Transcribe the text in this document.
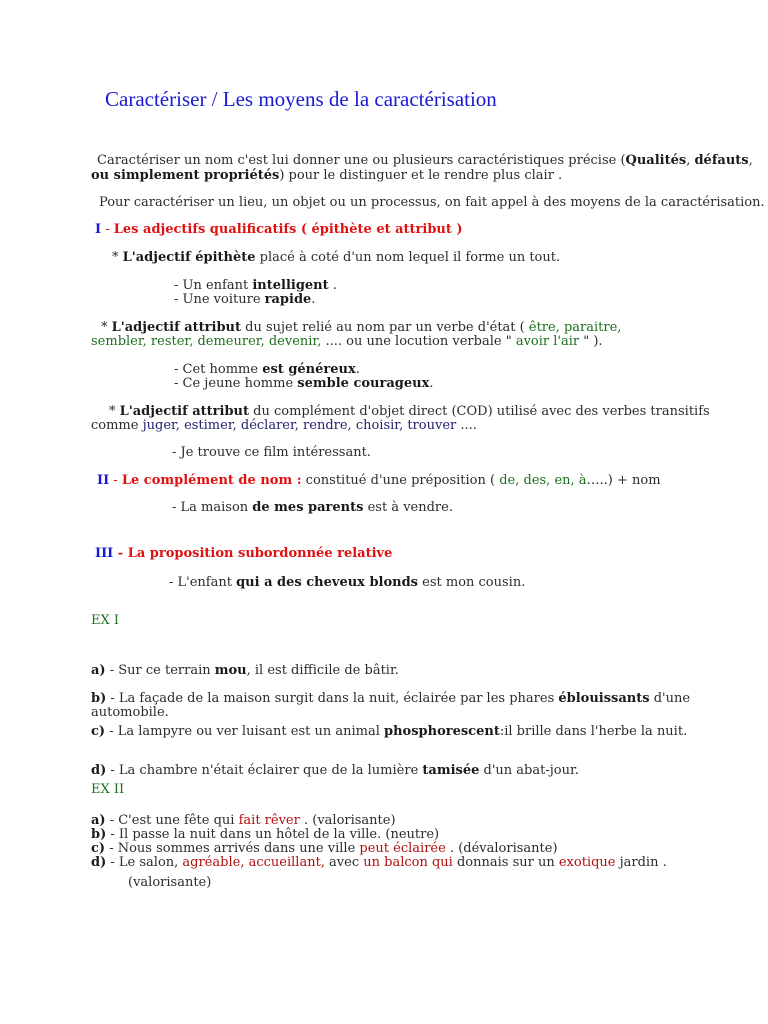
Caractériser / Les moyens de la caractérisation
Caractériser un nom c'est lui donner une ou plusieurs caractéristiques précise (Qualités, défauts,
ou simplement propriétés) pour le distinguer et le rendre plus clair .
Pour caractériser un lieu, un objet ou un processus, on fait appel à des moyens de la caractérisation.
I - Les adjectifs qualificatifs ( épithète et attribut )
* L'adjectif épithète placé à coté d'un nom lequel il forme un tout.
- Un enfant intelligent .
- Une voiture rapide.
* L'adjectif attribut du sujet relié au nom par un verbe d'état ( être, paraitre,
sembler, rester, demeurer, devenir, .... ou une locution verbale " avoir l'air " ).
- Cet homme est généreux.
- Ce jeune homme semble courageux.
* L'adjectif attribut du complément d'objet direct (COD) utilisé avec des verbes transitifs
comme juger, estimer, déclarer, rendre, choisir, trouver ....
- Je trouve ce film intéressant.
II - Le complément de nom : constitué d'une préposition ( de, des, en, à…..) + nom
- La maison de mes parents est à vendre.
III - La proposition subordonnée relative
- L'enfant qui a des cheveux blonds est mon cousin.
EX I
a) - Sur ce terrain mou, il est difficile de bâtir.
b) - La façade de la maison surgit dans la nuit, éclairée par les phares éblouissants d'une
automobile.
c) - La lampyre ou ver luisant est un animal phosphorescent:il brille dans l'herbe la nuit.
d) - La chambre n'était éclairer que de la lumière tamisée d'un abat-jour.
EX II
a) - C'est une fête qui fait rêver . (valorisante)
b) - Il passe la nuit dans un hôtel de la ville. (neutre)
c) - Nous sommes arrivés dans une ville peut éclairée . (dévalorisante)
d) - Le salon, agréable, accueillant, avec un balcon qui donnais sur un exotique jardin .
(valorisante)
